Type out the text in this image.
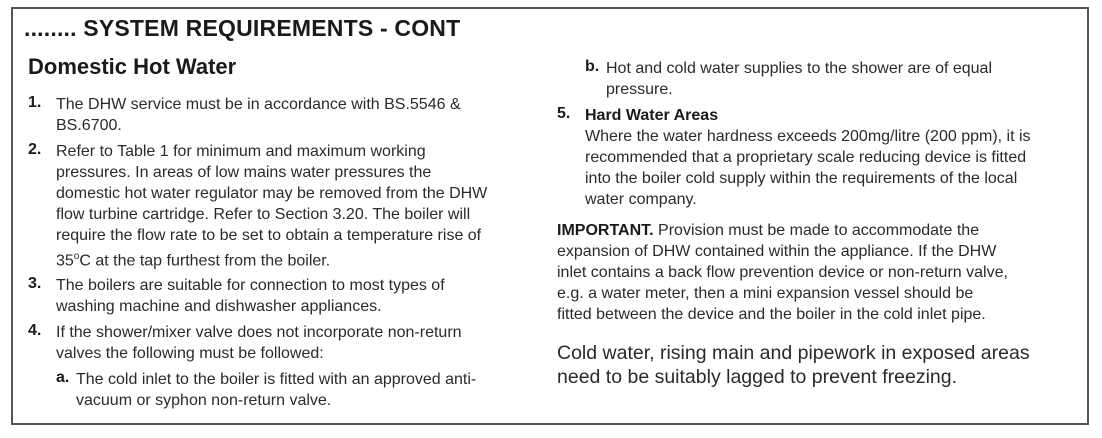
........ SYSTEM REQUIREMENTS - CONT
Domestic Hot Water
1. The DHW service must be in accordance with BS.5546 &
BS.6700.
2. Refer to Table 1 for minimum and maximum working
pressures. In areas of low mains water pressures the
domestic hot water regulator may be removed from the DHW
flow turbine cartridge. Refer to Section 3.20. The boiler will
require the flow rate to be set to obtain a temperature rise of
35$^o$C at the tap furthest from the boiler.
3. The boilers are suitable for connection to most types of
washing machine and dishwasher appliances.
4. If the shower/mixer valve does not incorporate non-return
valves the following must be followed:
a. The cold inlet to the boiler is fitted with an approved anti-
vacuum or syphon non-return valve.
b. Hot and cold water supplies to the shower are of equal
pressure.
5. Hard Water Areas
Where the water hardness exceeds 200mg/litre (200 ppm), it is
recommended that a proprietary scale reducing device is fitted
into the boiler cold supply within the requirements of the local
water company.
IMPORTANT. Provision must be made to accommodate the
expansion of DHW contained within the appliance. If the DHW
inlet contains a back flow prevention device or non-return valve,
e.g. a water meter, then a mini expansion vessel should be
fitted between the device and the boiler in the cold inlet pipe.
Cold water, rising main and pipework in exposed areas
need to be suitably lagged to prevent freezing.
